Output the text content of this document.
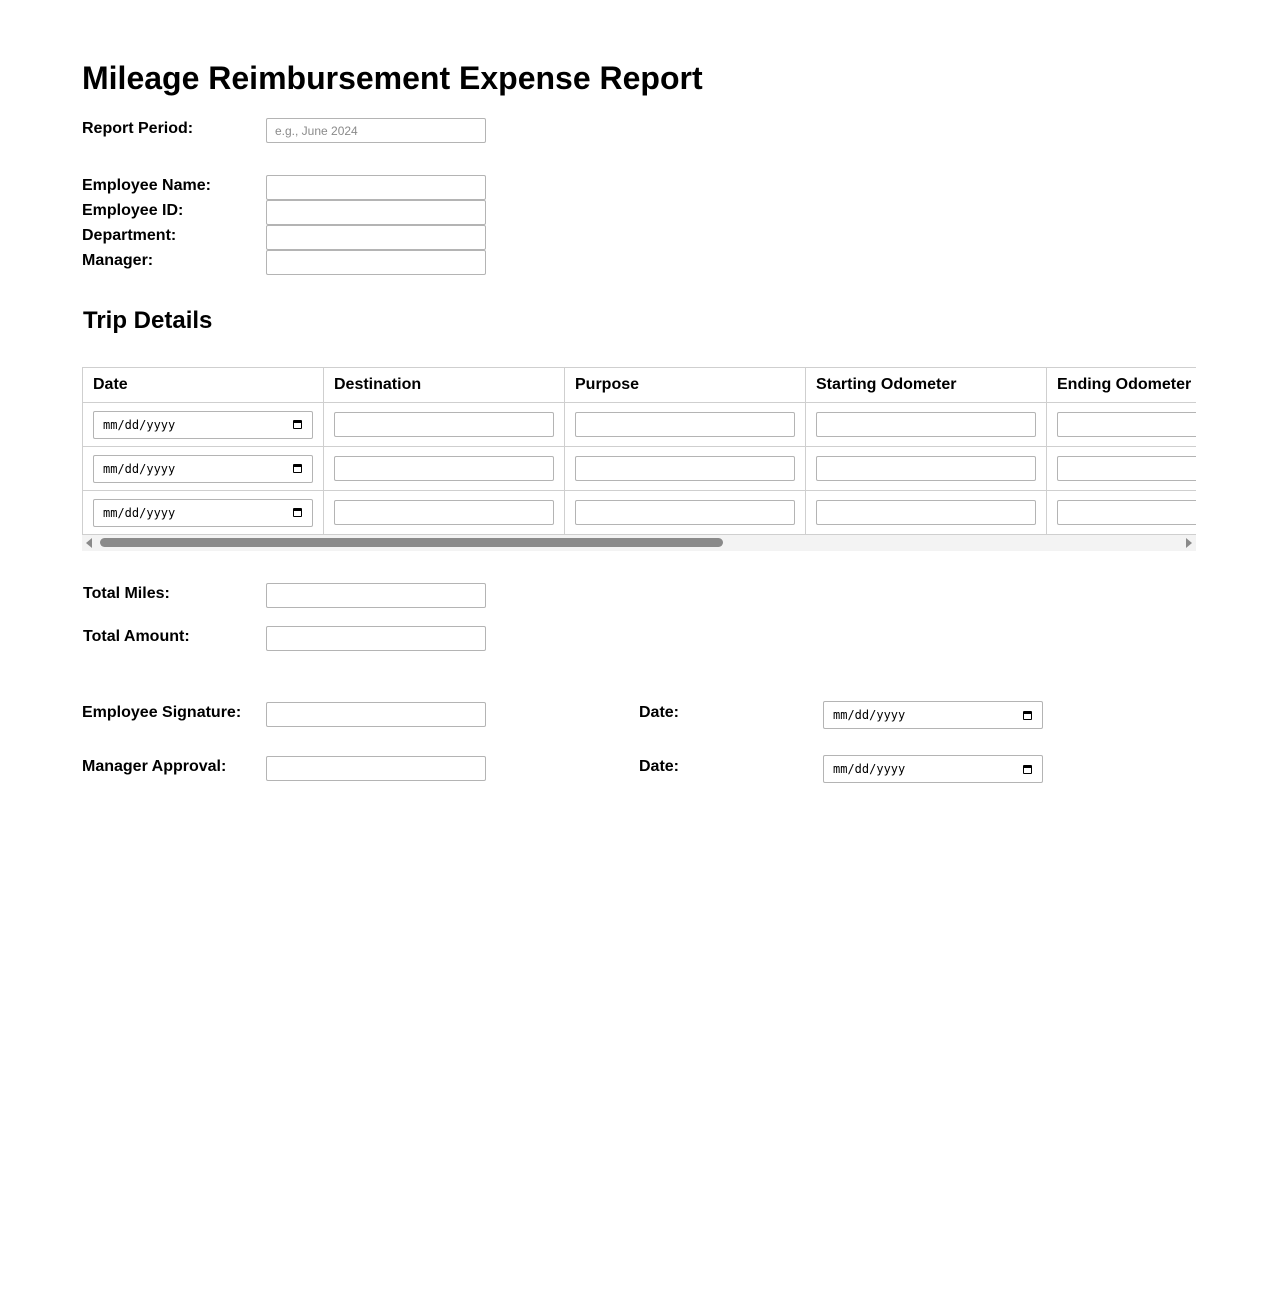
Mileage Reimbursement Expense Report
Report Period:
e.g., June 2024
Employee Name:
Employee ID:
Department:
Manager:
Trip Details
Date	Destination	Purpose	Starting Odometer	Ending Odometer

mm/dd/yyyy

mm/dd/yyyy

mm/dd/yyyy

Total Miles:
Total Amount:
Employee Signature:	Date:	mm/dd/yyyy
Manager Approval:	Date:	mm/dd/yyyy
